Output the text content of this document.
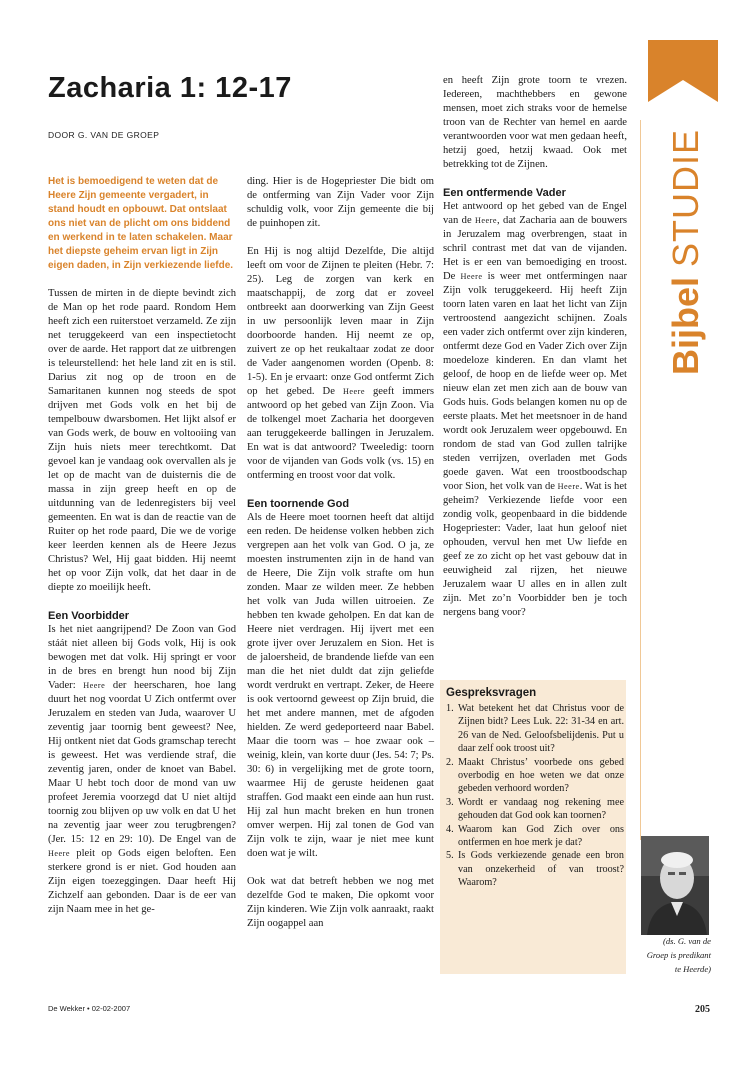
Zacharia 1: 12-17
DOOR G. VAN DE GROEP

Het is bemoedigend te weten dat de Heere Zijn gemeente vergadert, in stand houdt en opbouwt. Dat ontslaat ons niet van de plicht om ons biddend en werkend in te laten schakelen. Maar het diepste geheim ervan ligt in Zijn eigen daden, in Zijn verkiezende liefde.

Tussen de mirten in de diepte bevindt zich de Man op het rode paard. Rondom Hem heeft zich een ruiterstoet verzameld. Ze zijn net teruggekeerd van een inspectietocht over de aarde. Het rapport dat ze uitbrengen is teleurstellend: het hele land zit en is stil. Darius zit nog op de troon en de Samaritanen kunnen nog steeds de spot drijven met Gods volk en het bij de tempelbouw dwarsbomen. Het lijkt alsof er van Gods werk, de bouw en voltooiing van Zijn huis niets meer terechtkomt. Dat gevoel kan je vandaag ook overvallen als je let op de macht van de duisternis die de massa in zijn greep heeft en op de uitdunning van de ledenregisters bij veel gemeenten. En wat is dan de reactie van de Ruiter op het rode paard, Die we de vorige keer leerden kennen als de Heere Jezus Christus? Wel, Hij gaat bidden. Hij neemt het op voor Zijn volk, dat het daar in de diepte zo moeilijk heeft.

Een Voorbidder

Is het niet aangrijpend? De Zoon van God stáát niet alleen bij Gods volk, Hij is ook bewogen met dat volk. Hij springt er voor in de bres en brengt hun nood bij Zijn Vader: Heere der heerscharen, hoe lang duurt het nog voordat U Zich ontfermt over Jeruzalem en steden van Juda, waarover U zeventig jaar toornig bent geweest? Nee, Hij ontkent niet dat Gods gramschap terecht is geweest. Het was verdiende straf, die zeventig jaren, onder de knoet van Babel. Maar U hebt toch door de mond van uw profeet Jeremia voorzegd dat U niet altijd toornig zou blijven op uw volk en dat U het na zeventig jaar weer zou terugbrengen? (Jer. 15: 12 en 29: 10). De Engel van de Heere pleit op Gods eigen beloften. Een sterkere grond is er niet. God houden aan Zijn eigen toezeggingen. Daar heeft Hij Zichzelf aan gebonden. Daar is de eer van zijn Naam mee in het ge-

ding. Hier is de Hogepriester Die bidt om de ontferming van Zijn Vader voor Zijn schuldig volk, voor Zijn gemeente die bij de puinhopen zit.

En Hij is nog altijd Dezelfde, Die altijd leeft om voor de Zijnen te pleiten (Hebr. 7: 25). Leg de zorgen van kerk en maatschappij, de zorg dat er zoveel ontbreekt aan doorwerking van Zijn Geest in uw persoonlijk leven maar in Zijn doorboorde handen. Hij neemt ze op, zuivert ze op het reukaltaar zodat ze door de Vader aangenomen worden (Openb. 8: 1-5). En je ervaart: onze God ontfermt Zich op het gebed. De Heere geeft immers antwoord op het gebed van Zijn Zoon. Via de tolkengel moet Zacharia het doorgeven aan teruggekeerde ballingen in Jeruzalem. En wat is dat antwoord? Tweeledig: toorn voor de vijanden van Gods volk (vs. 15) en ontferming en troost voor dat volk.

Een toornende God

Als de Heere moet toornen heeft dat altijd een reden. De heidense volken hebben zich vergrepen aan het volk van God. O ja, ze moesten instrumenten zijn in de hand van de Heere, Die Zijn volk strafte om hun zonden. Maar ze wilden meer. Ze hebben het volk van Juda willen uitroeien. Ze hebben ten kwade geholpen. En dat kan de Heere niet verdragen. Hij ijvert met een grote ijver over Jeruzalem en Sion. Het is de jaloersheid, de brandende liefde van een man die het niet duldt dat zijn geliefde wordt verdrukt en vertrapt. Zeker, de Heere is ook vertoornd geweest op Zijn bruid, die het met andere mannen, met de afgoden hielden. Ze werd gedeporteerd naar Babel. Maar die toorn was – hoe zwaar ook – weinig, klein, van korte duur (Jes. 54: 7; Ps. 30: 6) in vergelijking met de grote toorn, waarmee Hij de geruste heidenen gaat straffen. God maakt een einde aan hun rust. Hij zal hun macht breken en hun tronen omver werpen. Hij zal tonen de God van Zijn volk te zijn, waar je niet mee kunt doen wat je wilt.

Ook wat dat betreft hebben we nog met dezelfde God te maken, Die opkomt voor Zijn kinderen. Wie Zijn volk aanraakt, raakt Zijn oogappel aan

en heeft Zijn grote toorn te vrezen. Iedereen, machthebbers en gewone mensen, moet zich straks voor de hemelse troon van de Rechter van hemel en aarde verantwoorden voor wat men gedaan heeft, hetzij goed, hetzij kwaad. Ook met betrekking tot de Zijnen.

Een ontfermende Vader

Het antwoord op het gebed van de Engel van de Heere, dat Zacharia aan de bouwers in Jeruzalem mag overbrengen, staat in schril contrast met dat van de vijanden. Het is er een van bemoediging en troost. De Heere is weer met ontfermingen naar Zijn volk teruggekeerd. Hij heeft Zijn toorn laten varen en laat het licht van Zijn vertroostend aangezicht schijnen. Zoals een vader zich ontfermt over zijn kinderen, ontfermt deze God en Vader Zich over Zijn moedeloze kinderen. En dan vlamt het geloof, de hoop en de liefde weer op. Met nieuw elan zet men zich aan de bouw van Gods huis. Gods belangen komen nu op de eerste plaats. Met het meetsnoer in de hand wordt ook Jeruzalem weer opgebouwd. En rondom de stad van God zullen talrijke steden verrijzen, overladen met Gods goede gaven. Wat een troostboodschap voor Sion, het volk van de Heere. Wat is het geheim? Verkiezende liefde voor een zondig volk, geopenbaard in die biddende Hogepriester: Vader, laat hun geloof niet ophouden, vervul hen met Uw liefde en geef ze zo zicht op het vast gebouw dat in eeuwigheid zal rijzen, het nieuwe Jeruzalem waar U alles en in allen zult zijn. Met zo’n Voorbidder ben je toch nergens bang voor?

Gespreksvragen
1. Wat betekent het dat Christus voor de Zijnen bidt? Lees Luk. 22: 31-34 en art. 26 van de Ned. Geloofsbelijdenis. Put u daar zelf ook troost uit?
2. Maakt Christus’ voorbede ons gebed overbodig en hoe weten we dat onze gebeden verhoord worden?
3. Wordt er vandaag nog rekening mee gehouden dat God ook kan toornen?
4. Waarom kan God Zich over ons ontfermen en hoe merk je dat?
5. Is Gods verkiezende genade een bron van onzekerheid of van troost? Waarom?
Bijbel STUDIE
(ds. G. van de
Groep is predikant
te Heerde)
De Wekker • 02-02-2007	205
